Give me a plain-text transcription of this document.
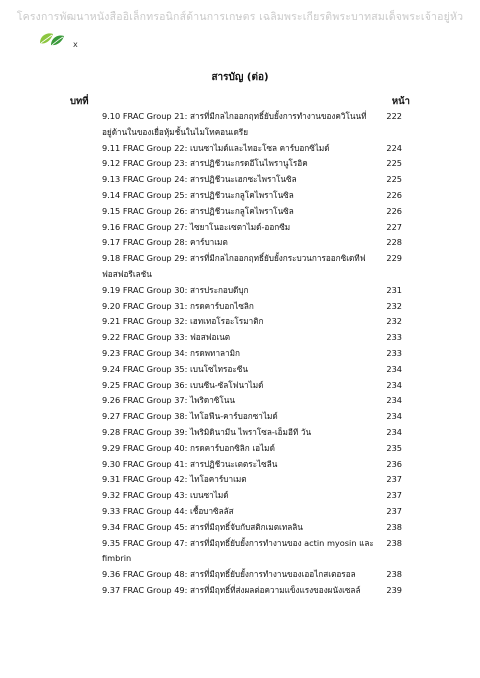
โครงการพัฒนาหนังสืออิเล็กทรอนิกส์ด้านการเกษตร เฉลิมพระเกียรติพระบาทสมเด็จพระเจ้าอยู่หัว
x
สารบัญ (ต่อ)
บทที่	หน้า
9.10 FRAC Group 21: สารที่มีกลไกออกฤทธิ์ยับยั้งการทำงานของควิโนนที่อยู่ด้านในของเยื่อหุ้มชั้นในไมโทคอนเดรีย
222
9.11 FRAC Group 22: เบนซาไมด์และไทอะโซล คาร์บอกซิไมด์	224
9.12 FRAC Group 23: สารปฏิชีวนะกรดอีโนไพรานูโรอิค	225
9.13 FRAC Group 24: สารปฏิชีวนะเฮกซะไพราโนซิล	225
9.14 FRAC Group 25: สารปฏิชีวนะกลูโคไพราโนซิล	226
9.15 FRAC Group 26: สารปฏิชีวนะกลูโคไพราโนซิล	226
9.16 FRAC Group 27: ไซยาโนอะเซตาไมด์-ออกซีม	227
9.17 FRAC Group 28: คาร์บาเมต	228
9.18 FRAC Group 29: สารที่มีกลไกออกฤทธิ์ยับยั้งกระบวนการออกซิเดทีฟ ฟอสฟอรีเลชัน
229
9.19 FRAC Group 30: สารประกอบดีบุก	231
9.20 FRAC Group 31: กรดคาร์บอกไซลิก	232
9.21 FRAC Group 32: เฮทเทอโรอะโรมาติก	232
9.22 FRAC Group 33: ฟอสฟอเนต	233
9.23 FRAC Group 34: กรดพทาลามิก	233
9.24 FRAC Group 35: เบนโซไทรอะซีน	234
9.25 FRAC Group 36: เบนซีน-ซัลโฟนาไมด์	234
9.26 FRAC Group 37: ไพริดาซิโนน	234
9.27 FRAC Group 38: ไทโอฟีน-คาร์บอกซาไมด์	234
9.28 FRAC Group 39: ไพริมิดินามีน ไพราโซล-เอ็มอีที วัน	234
9.29 FRAC Group 40: กรดคาร์บอกซิลิก เอไมด์	235
9.30 FRAC Group 41: สารปฏิชีวนะเตตระไซลีน	236
9.31 FRAC Group 42: ไทโอคาร์บาเมต	237
9.32 FRAC Group 43: เบนซาไมด์	237
9.33 FRAC Group 44: เชื้อบาซิลลัส	237
9.34 FRAC Group 45: สารที่มีฤทธิ์จับกับสติกเมตเทลลิน	238
9.35 FRAC Group 47: สารที่มีฤทธิ์ยับยั้งการทำงานของ actin myosin และ fimbrin
238
9.36 FRAC Group 48: สารที่มีฤทธิ์ยับยั้งการทำงานของเออไกสเตอรอล	238
9.37 FRAC Group 49: สารที่มีฤทธิ์ที่ส่งผลต่อความแข็งแรงของผนังเซลล์	239
